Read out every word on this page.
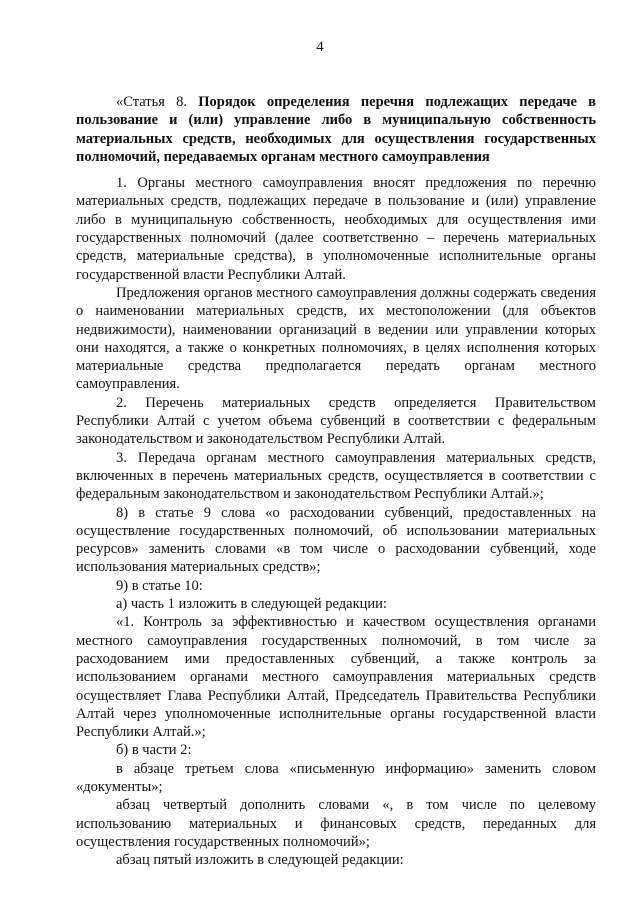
4

«Статья 8. Порядок определения перечня подлежащих передаче в пользование и (или) управление либо в муниципальную собственность материальных средств, необходимых для осуществления государственных полномочий, передаваемых органам местного самоуправления

1. Органы местного самоуправления вносят предложения по перечню материальных средств, подлежащих передаче в пользование и (или) управление либо в муниципальную собственность, необходимых для осуществления ими государственных полномочий (далее соответственно – перечень материальных средств, материальные средства), в уполномоченные исполнительные органы государственной власти Республики Алтай.

Предложения органов местного самоуправления должны содержать сведения о наименовании материальных средств, их местоположении (для объектов недвижимости), наименовании организаций в ведении или управлении которых они находятся, а также о конкретных полномочиях, в целях исполнения которых материальные средства предполагается передать органам местного самоуправления.

2. Перечень материальных средств определяется Правительством Республики Алтай с учетом объема субвенций в соответствии с федеральным законодательством и законодательством Республики Алтай.

3. Передача органам местного самоуправления материальных средств, включенных в перечень материальных средств, осуществляется в соответствии с федеральным законодательством и законодательством Республики Алтай.»;

8) в статье 9 слова «о расходовании субвенций, предоставленных на осуществление государственных полномочий, об использовании материальных ресурсов» заменить словами «в том числе о расходовании субвенций, ходе использования материальных средств»;

9) в статье 10:

а) часть 1 изложить в следующей редакции:

«1. Контроль за эффективностью и качеством осуществления органами местного самоуправления государственных полномочий, в том числе за расходованием ими предоставленных субвенций, а также контроль за использованием органами местного самоуправления материальных средств осуществляет Глава Республики Алтай, Председатель Правительства Республики Алтай через уполномоченные исполнительные органы государственной власти Республики Алтай.»;

б) в части 2:

в абзаце третьем слова «письменную информацию» заменить словом «документы»;

абзац четвертый дополнить словами «, в том числе по целевому использованию материальных и финансовых средств, переданных для осуществления государственных полномочий»;

абзац пятый изложить в следующей редакции:
